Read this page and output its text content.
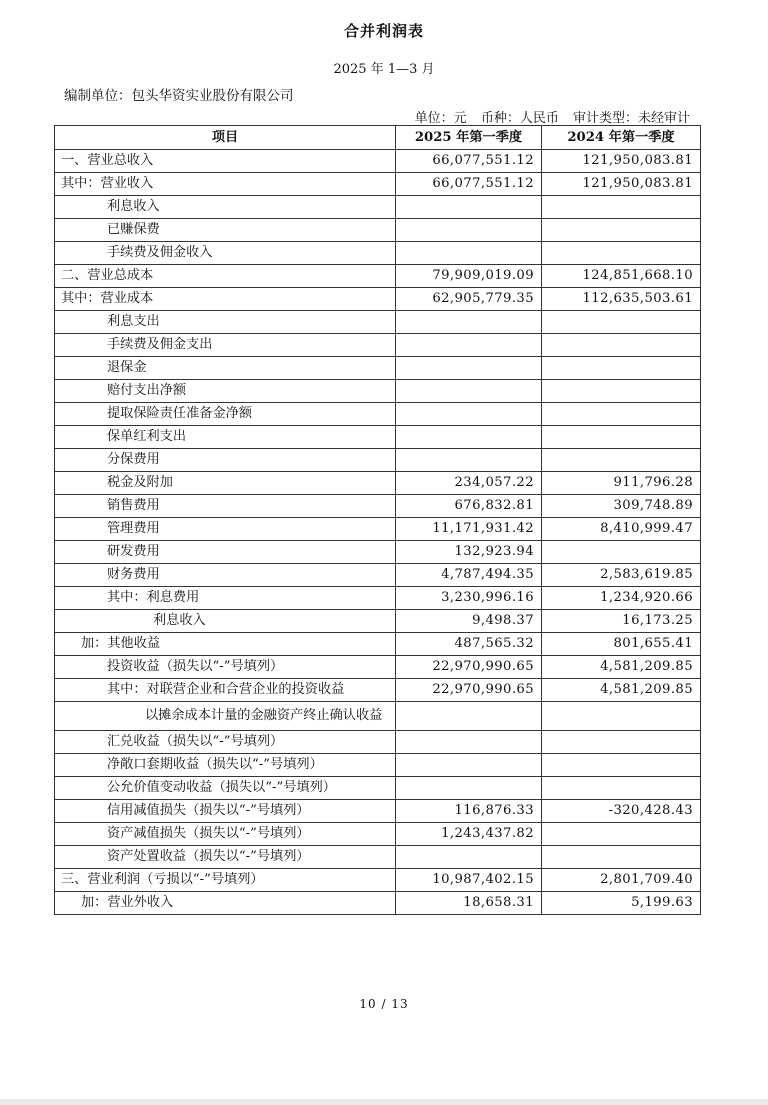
合并利润表
2025 年 1—3 月
编制单位：包头华资实业股份有限公司
单位：元 币种：人民币 审计类型：未经审计
项目	2025 年第一季度	2024 年第一季度
一、营业总收入	66,077,551.12	121,950,083.81
其中：营业收入	66,077,551.12	121,950,083.81
利息收入		
已赚保费		
手续费及佣金收入		
二、营业总成本	79,909,019.09	124,851,668.10
其中：营业成本	62,905,779.35	112,635,503.61
利息支出		
手续费及佣金支出		
退保金		
赔付支出净额		
提取保险责任准备金净额		
保单红利支出		
分保费用		
税金及附加	234,057.22	911,796.28
销售费用	676,832.81	309,748.89
管理费用	11,171,931.42	8,410,999.47
研发费用	132,923.94	
财务费用	4,787,494.35	2,583,619.85
其中：利息费用	3,230,996.16	1,234,920.66
利息收入	9,498.37	16,173.25
加：其他收益	487,565.32	801,655.41
投资收益（损失以“-”号填列）	22,970,990.65	4,581,209.85
其中：对联营企业和合营企业的投资收益	22,970,990.65	4,581,209.85
以摊余成本计量的金融资产终止确认收益		
汇兑收益（损失以“-”号填列）		
净敞口套期收益（损失以“-”号填列）		
公允价值变动收益（损失以“-”号填列）		
信用减值损失（损失以“-”号填列）	116,876.33	-320,428.43
资产减值损失（损失以“-”号填列）	1,243,437.82	
资产处置收益（损失以“-”号填列）		
三、营业利润（亏损以“-”号填列）	10,987,402.15	2,801,709.40
加：营业外收入	18,658.31	5,199.63
10 / 13
